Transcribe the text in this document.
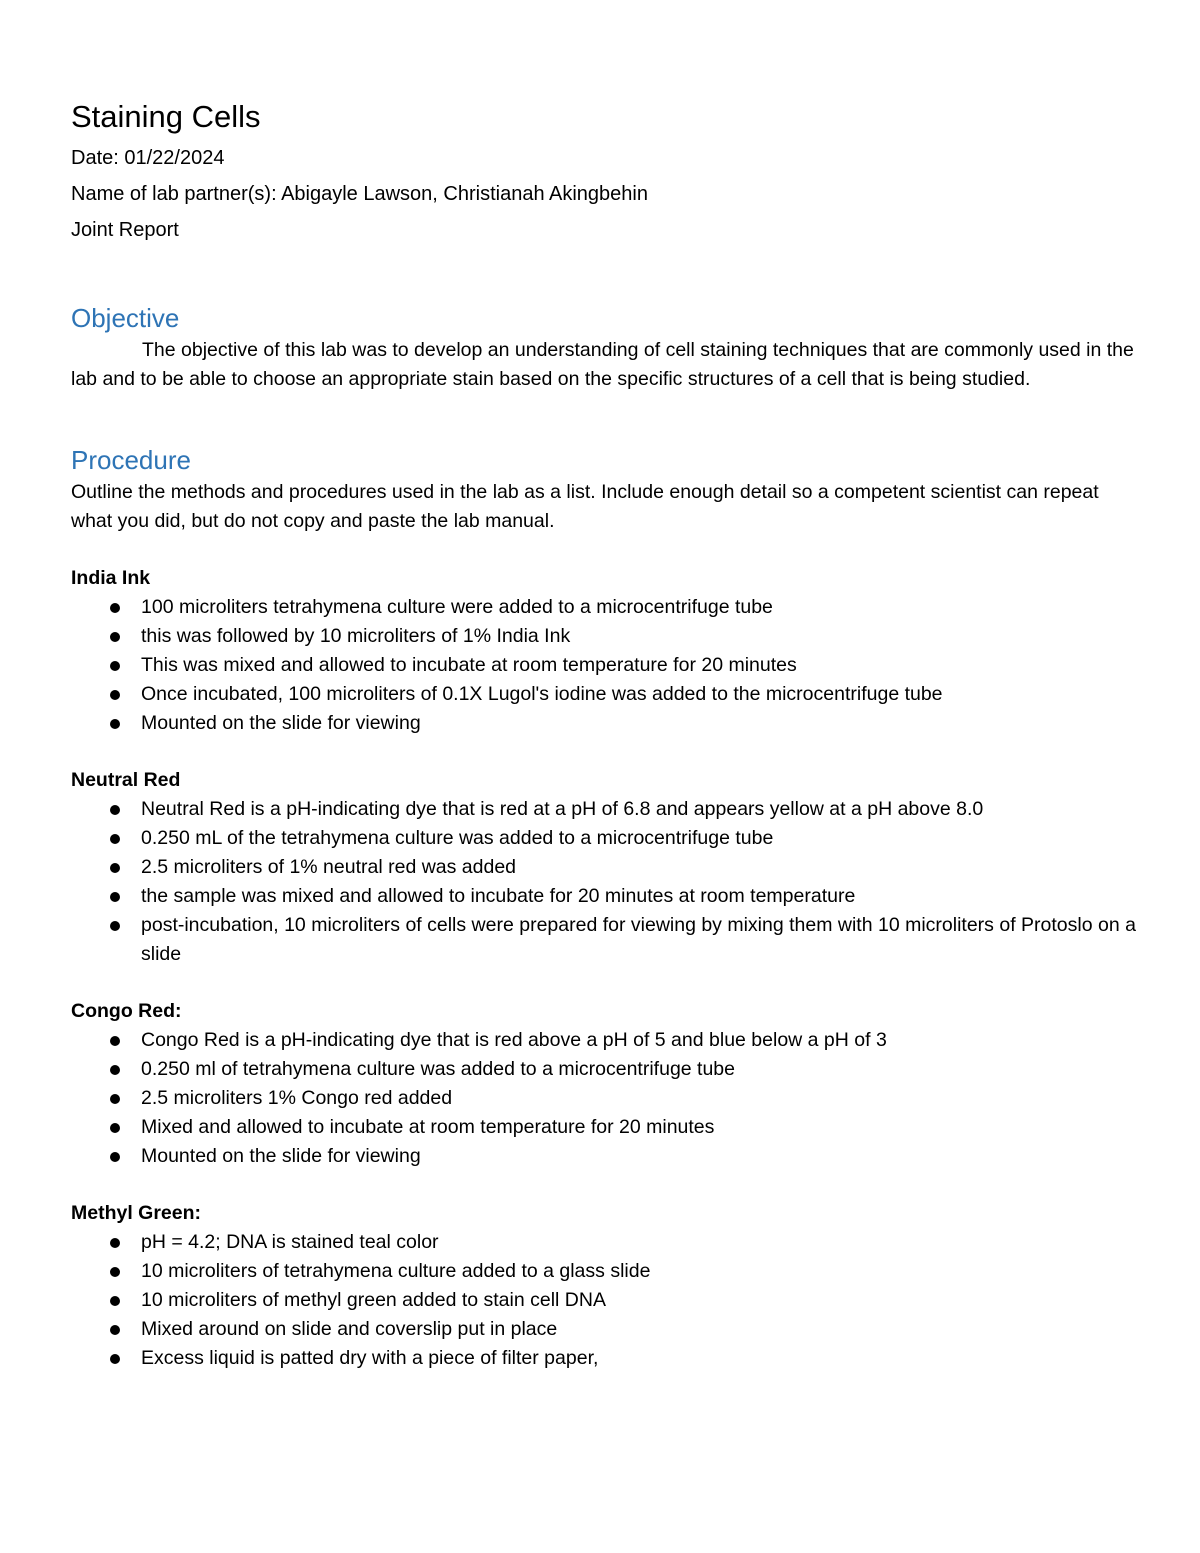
Staining Cells

Date: 01/22/2024

Name of lab partner(s): Abigayle Lawson, Christianah Akingbehin

Joint Report

Objective

The objective of this lab was to develop an understanding of cell staining techniques that are commonly used in the lab and to be able to choose an appropriate stain based on the specific structures of a cell that is being studied.

Procedure

Outline the methods and procedures used in the lab as a list. Include enough detail so a competent scientist can repeat what you did, but do not copy and paste the lab manual.

India Ink

100 microliters tetrahymena culture were added to a microcentrifuge tube
this was followed by 10 microliters of 1% India Ink
This was mixed and allowed to incubate at room temperature for 20 minutes
Once incubated, 100 microliters of 0.1X Lugol's iodine was added to the microcentrifuge tube
Mounted on the slide for viewing

Neutral Red

Neutral Red is a pH-indicating dye that is red at a pH of 6.8 and appears yellow at a pH above 8.0
0.250 mL of the tetrahymena culture was added to a microcentrifuge tube
2.5 microliters of 1% neutral red was added
the sample was mixed and allowed to incubate for 20 minutes at room temperature
post-incubation, 10 microliters of cells were prepared for viewing by mixing them with 10 microliters of Protoslo on a slide

Congo Red:

Congo Red is a pH-indicating dye that is red above a pH of 5 and blue below a pH of 3
0.250 ml of tetrahymena culture was added to a microcentrifuge tube
2.5 microliters 1% Congo red added
Mixed and allowed to incubate at room temperature for 20 minutes
Mounted on the slide for viewing

Methyl Green:

pH = 4.2; DNA is stained teal color
10 microliters of tetrahymena culture added to a glass slide
10 microliters of methyl green added to stain cell DNA
Mixed around on slide and coverslip put in place
Excess liquid is patted dry with a piece of filter paper,
